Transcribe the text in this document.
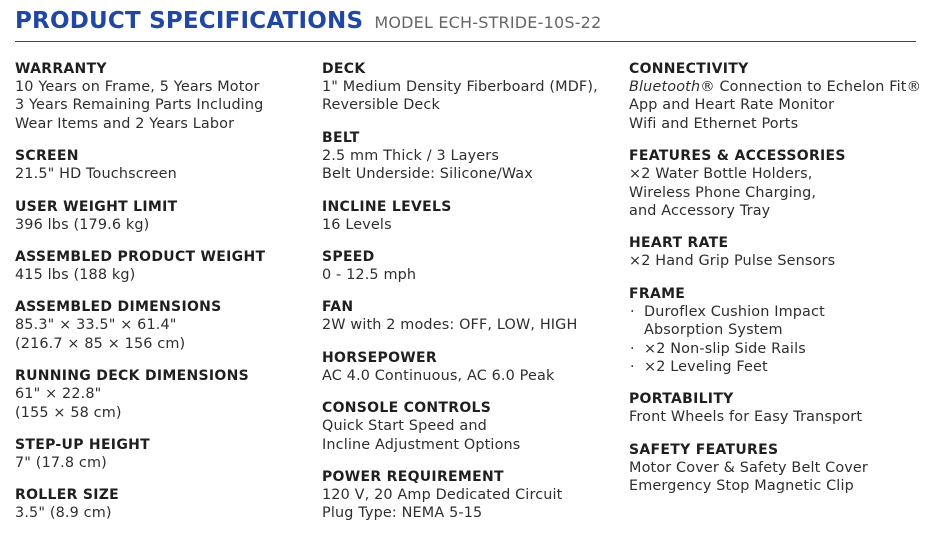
PRODUCT SPECIFICATIONS MODEL ECH-STRIDE-10S-22
WARRANTY
10 Years on Frame, 5 Years Motor
3 Years Remaining Parts Including
Wear Items and 2 Years Labor
SCREEN
21.5" HD Touchscreen
USER WEIGHT LIMIT
396 lbs (179.6 kg)
ASSEMBLED PRODUCT WEIGHT
415 lbs (188 kg)
ASSEMBLED DIMENSIONS
85.3" × 33.5" × 61.4"
(216.7 × 85 × 156 cm)
RUNNING DECK DIMENSIONS
61" × 22.8"
(155 × 58 cm)
STEP-UP HEIGHT
7" (17.8 cm)
ROLLER SIZE
3.5" (8.9 cm)
DECK
1" Medium Density Fiberboard (MDF),
Reversible Deck
BELT
2.5 mm Thick / 3 Layers
Belt Underside: Silicone/Wax
INCLINE LEVELS
16 Levels
SPEED
0 - 12.5 mph
FAN
2W with 2 modes: OFF, LOW, HIGH
HORSEPOWER
AC 4.0 Continuous, AC 6.0 Peak
CONSOLE CONTROLS
Quick Start Speed and
Incline Adjustment Options
POWER REQUIREMENT
120 V, 20 Amp Dedicated Circuit
Plug Type: NEMA 5-15
CONNECTIVITY
Bluetooth® Connection to Echelon Fit®
App and Heart Rate Monitor
Wifi and Ethernet Ports
FEATURES & ACCESSORIES
×2 Water Bottle Holders,
Wireless Phone Charging,
and Accessory Tray
HEART RATE
×2 Hand Grip Pulse Sensors
FRAME
· Duroflex Cushion Impact
Absorption System
· ×2 Non-slip Side Rails
· ×2 Leveling Feet
PORTABILITY
Front Wheels for Easy Transport
SAFETY FEATURES
Motor Cover & Safety Belt Cover
Emergency Stop Magnetic Clip
